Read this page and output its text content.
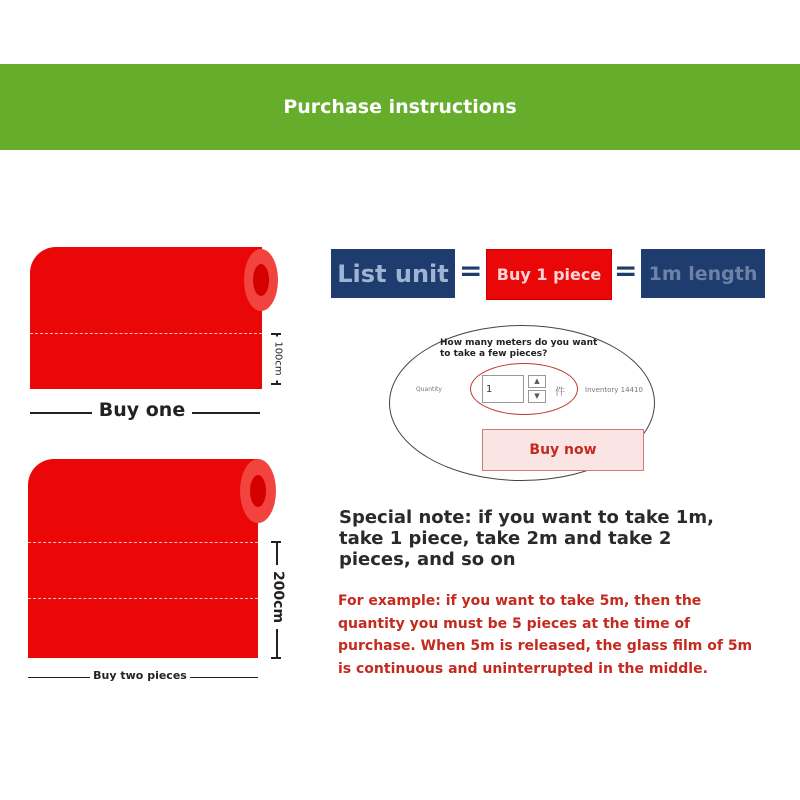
Purchase instructions
100cm
Buy one
200cm
Buy two pieces
List unit = Buy 1 piece = 1m length
How many meters do you want to take a few pieces?
Quantity	1
▲
▼	件	Inventory 14410
Buy now
Special note: if you want to take 1m, take 1 piece, take 2m and take 2 pieces, and so on
For example: if you want to take 5m, then the quantity you must be 5 pieces at the time of purchase. When 5m is released, the glass film of 5m is continuous and uninterrupted in the middle.
